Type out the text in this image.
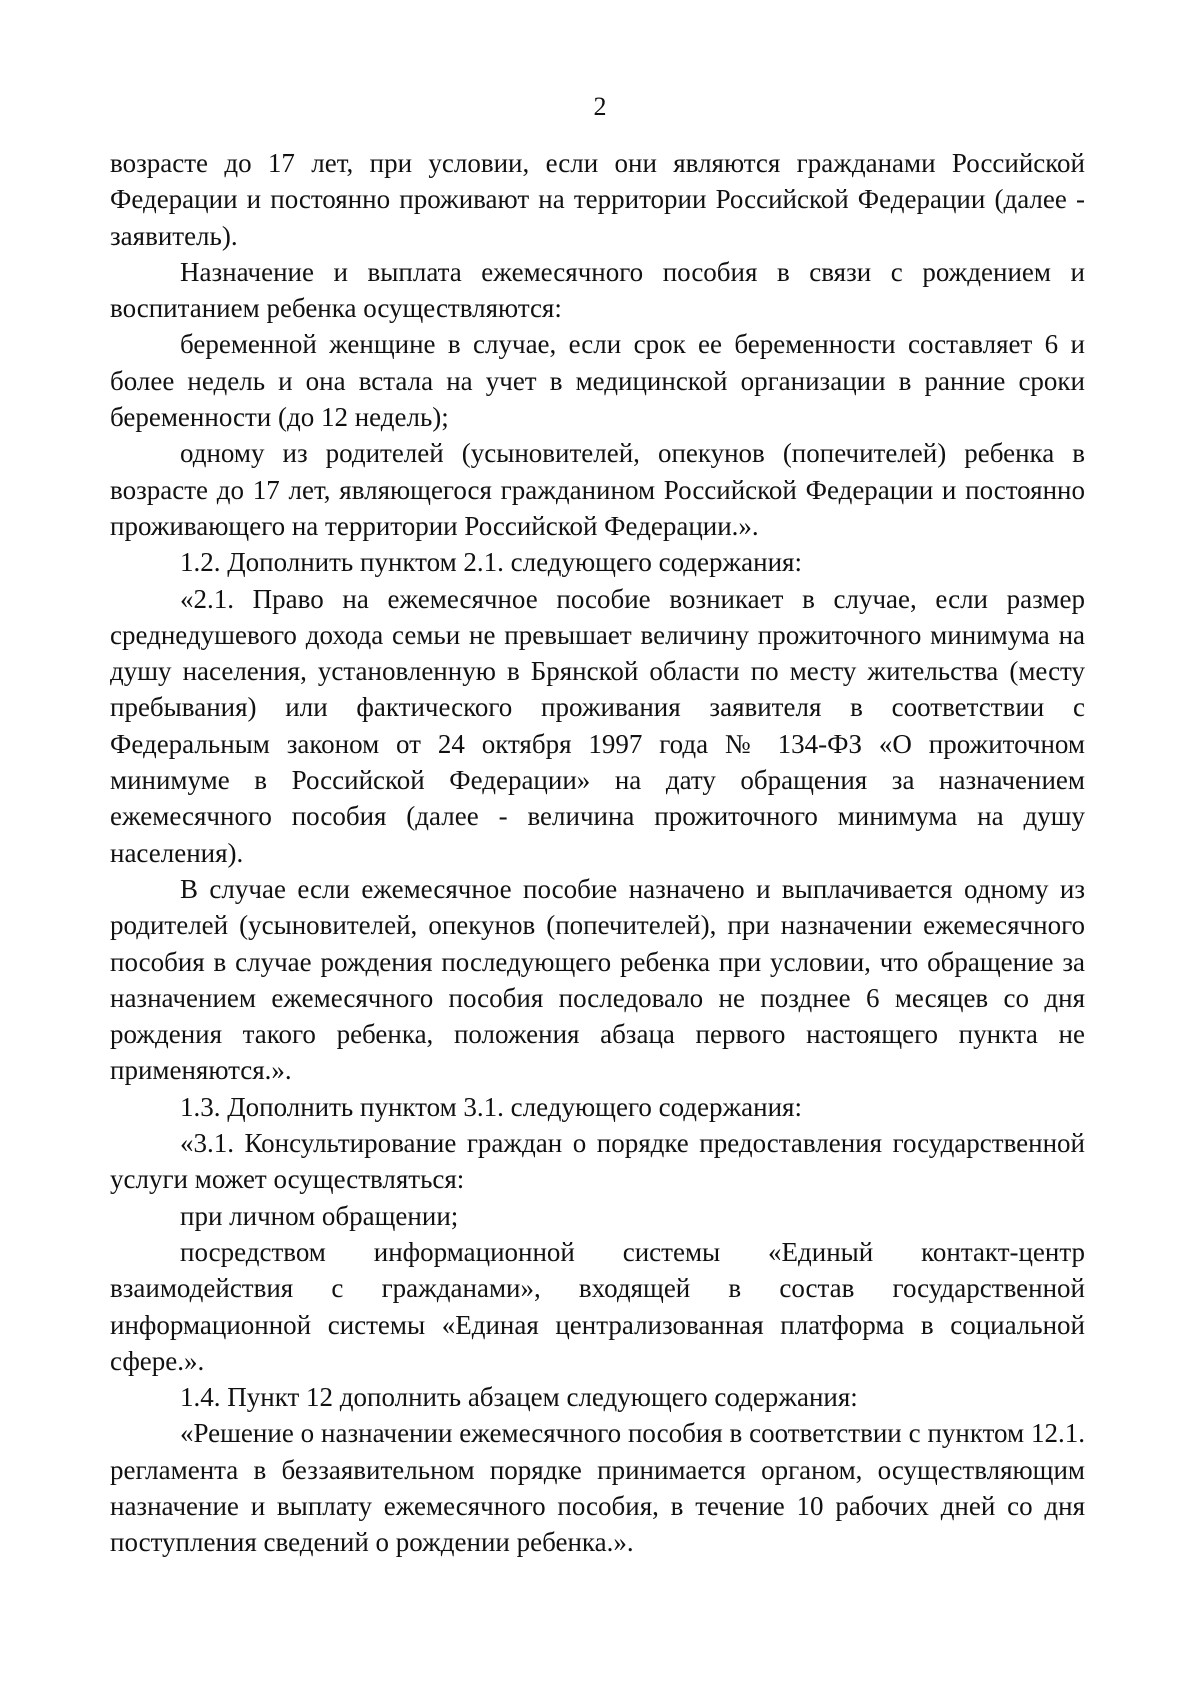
2

возрасте до 17 лет, при условии, если они являются гражданами Российской Федерации и постоянно проживают на территории Российской Федерации (далее - заявитель).

Назначение и выплата ежемесячного пособия в связи с рождением и воспитанием ребенка осуществляются:

беременной женщине в случае, если срок ее беременности составляет 6 и более недель и она встала на учет в медицинской организации в ранние сроки беременности (до 12 недель);

одному из родителей (усыновителей, опекунов (попечителей) ребенка в возрасте до 17 лет, являющегося гражданином Российской Федерации и постоянно проживающего на территории Российской Федерации.».

1.2. Дополнить пунктом 2.1. следующего содержания:

«2.1. Право на ежемесячное пособие возникает в случае, если размер среднедушевого дохода семьи не превышает величину прожиточного минимума на душу населения, установленную в Брянской области по месту жительства (месту пребывания) или фактического проживания заявителя в соответствии с Федеральным законом от 24 октября 1997 года № 134-ФЗ «О прожиточном минимуме в Российской Федерации» на дату обращения за назначением ежемесячного пособия (далее - величина прожиточного минимума на душу населения).

В случае если ежемесячное пособие назначено и выплачивается одному из родителей (усыновителей, опекунов (попечителей), при назначении ежемесячного пособия в случае рождения последующего ребенка при условии, что обращение за назначением ежемесячного пособия последовало не позднее 6 месяцев со дня рождения такого ребенка, положения абзаца первого настоящего пункта не применяются.».

1.3. Дополнить пунктом 3.1. следующего содержания:

«3.1. Консультирование граждан о порядке предоставления государственной услуги может осуществляться:

при личном обращении;

посредством информационной системы «Единый контакт-центр взаимодействия с гражданами», входящей в состав государственной информационной системы «Единая централизованная платформа в социальной сфере.».

1.4. Пункт 12 дополнить абзацем следующего содержания:

«Решение о назначении ежемесячного пособия в соответствии с пунктом 12.1. регламента в беззаявительном порядке принимается органом, осуществляющим назначение и выплату ежемесячного пособия, в течение 10 рабочих дней со дня поступления сведений о рождении ребенка.».
